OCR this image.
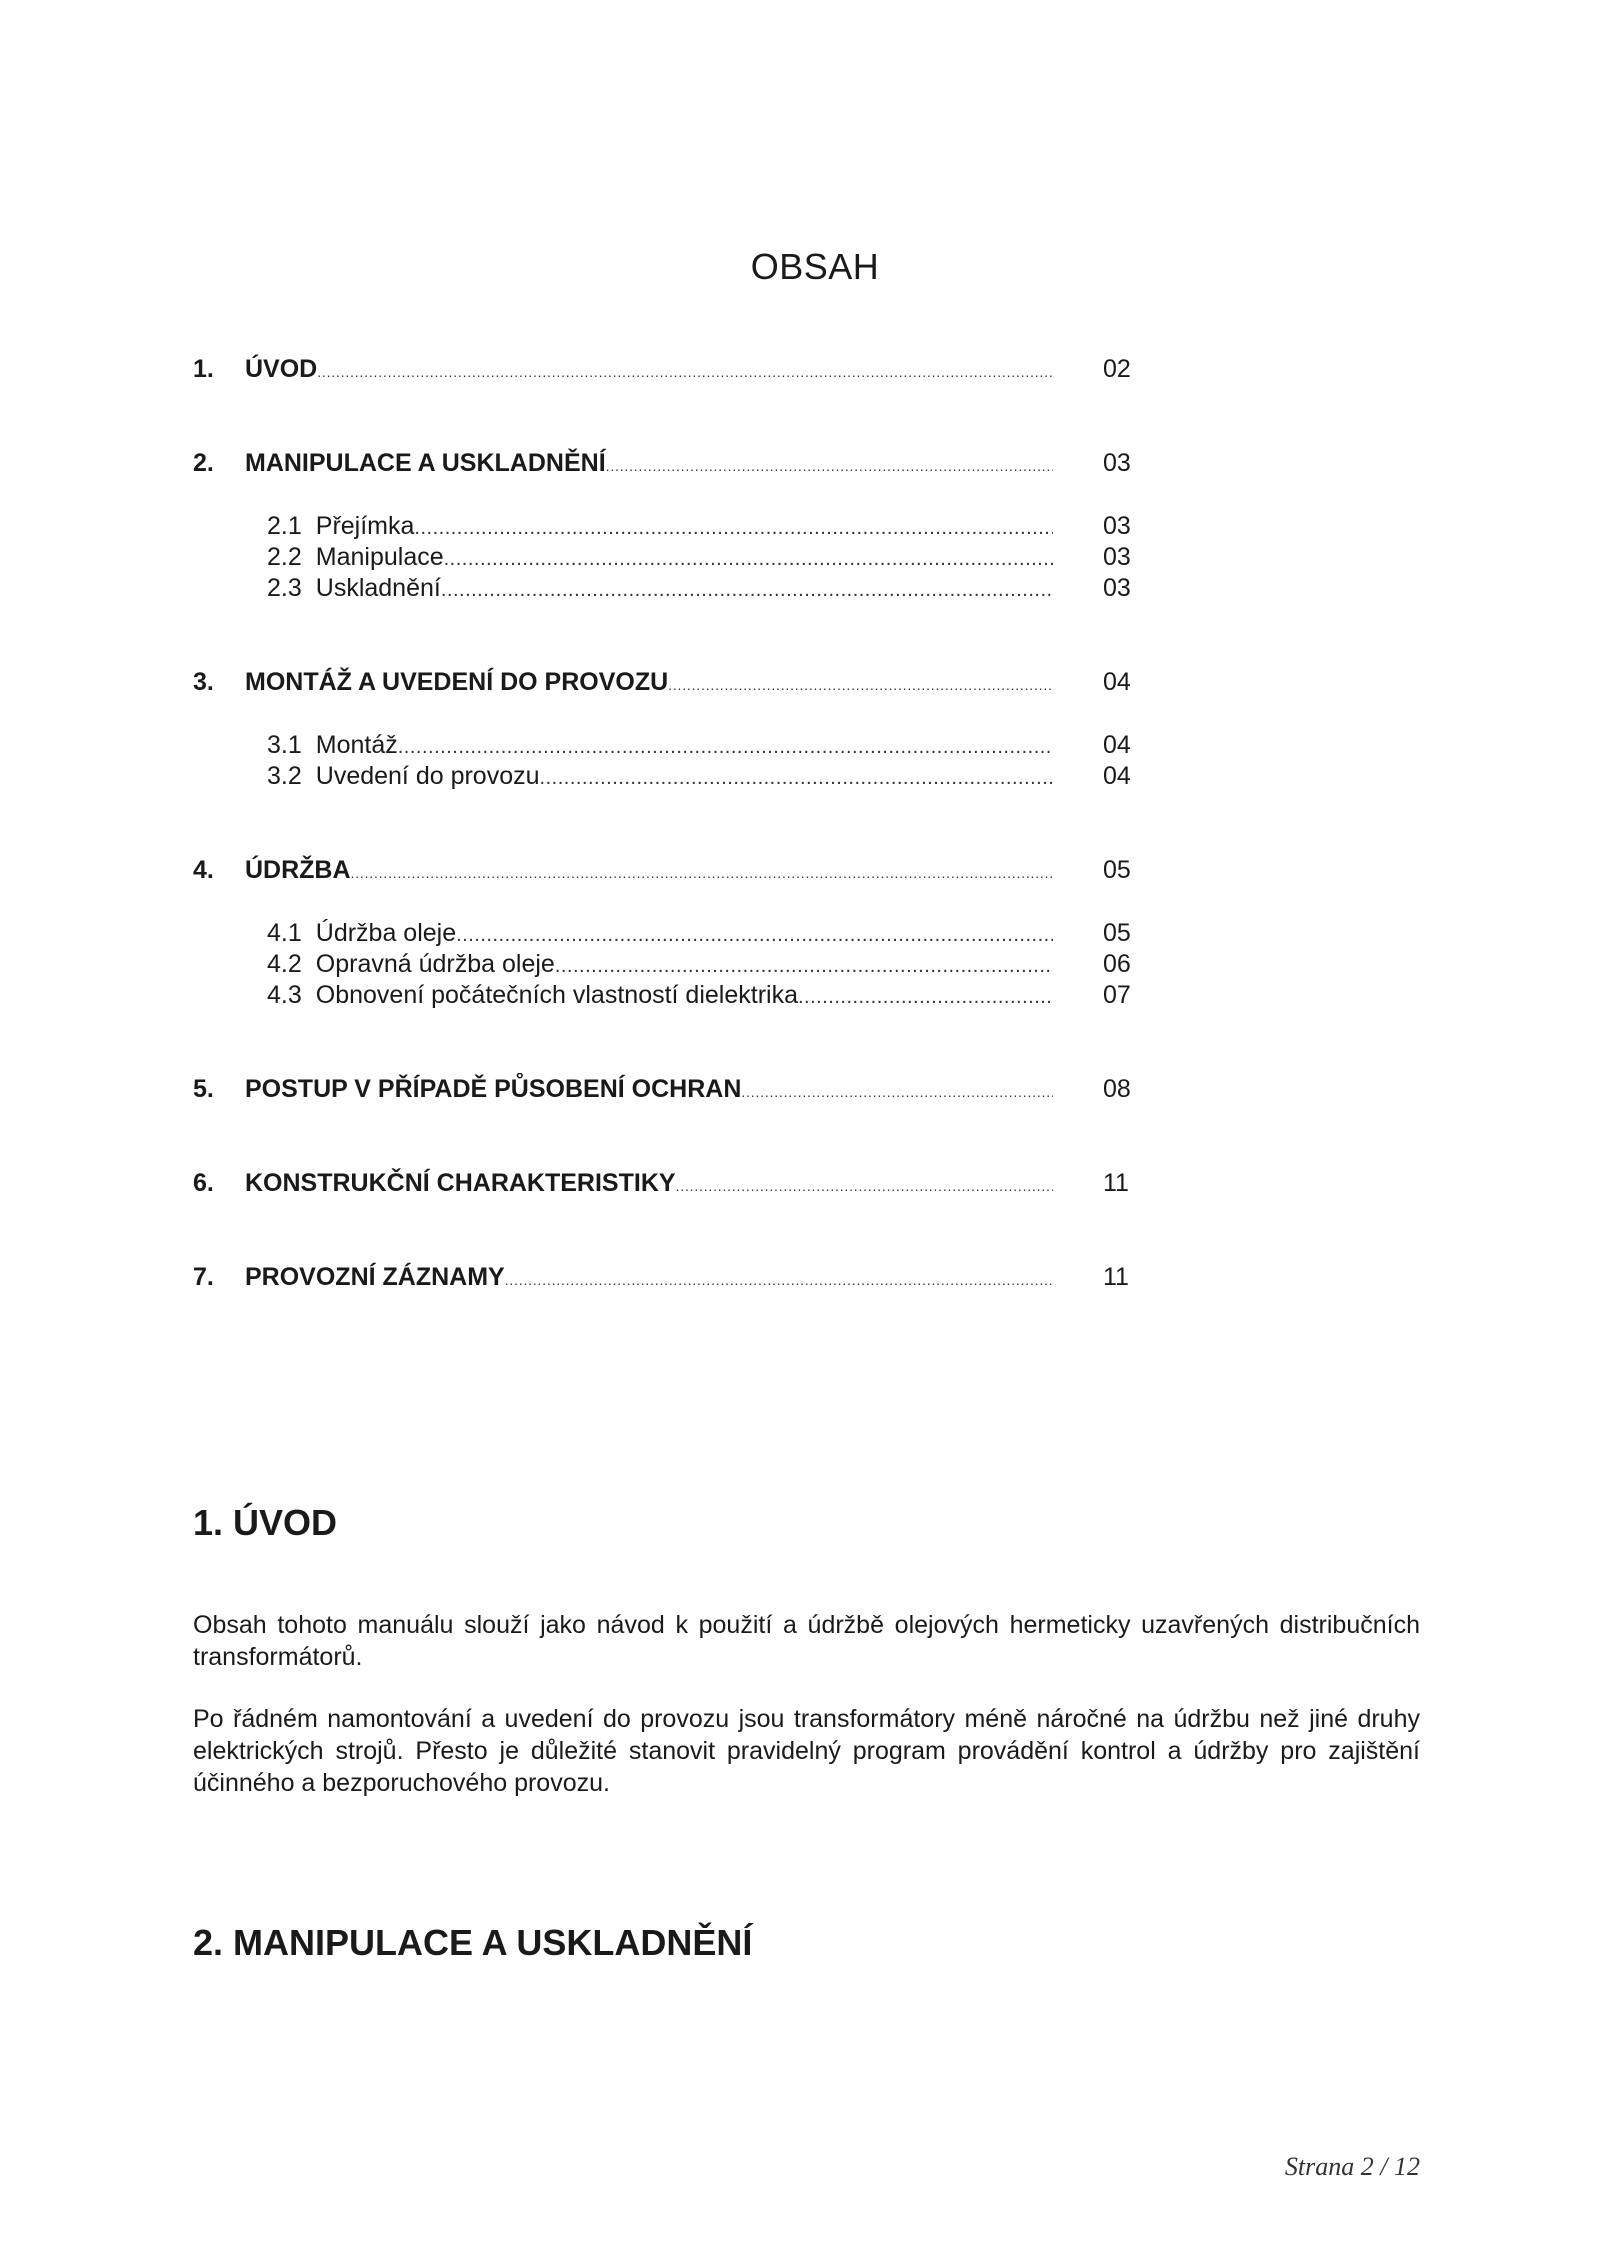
OBSAH
1.	ÚVOD .....	02
2.	MANIPULACE A USKLADNĚNÍ .....	03
2.1 Přejímka .....	03
2.2 Manipulace .....	03
2.3 Uskladnění .....	03
3.	MONTÁŽ A UVEDENÍ DO PROVOZU .....	04
3.1 Montáž .....	04
3.2 Uvedení do provozu .....	04
4.	ÚDRŽBA .....	05
4.1 Údržba oleje .....	05
4.2 Opravná údržba oleje .....	06
4.3 Obnovení počátečních vlastností dielektrika .....	07
5.	POSTUP V PŘÍPADĚ PŮSOBENÍ OCHRAN .....	08
6.	KONSTRUKČNÍ CHARAKTERISTIKY .....	11
7.	PROVOZNÍ ZÁZNAMY .....	11
1. ÚVOD

Obsah tohoto manuálu slouží jako návod k použití a údržbě olejových hermeticky uzavřených distribučních transformátorů.

Po řádném namontování a uvedení do provozu jsou transformátory méně náročné na údržbu než jiné druhy elektrických strojů. Přesto je důležité stanovit pravidelný program provádění kontrol a údržby pro zajištění účinného a bezporuchového provozu.

2. MANIPULACE A USKLADNĚNÍ
Strana 2 / 12
